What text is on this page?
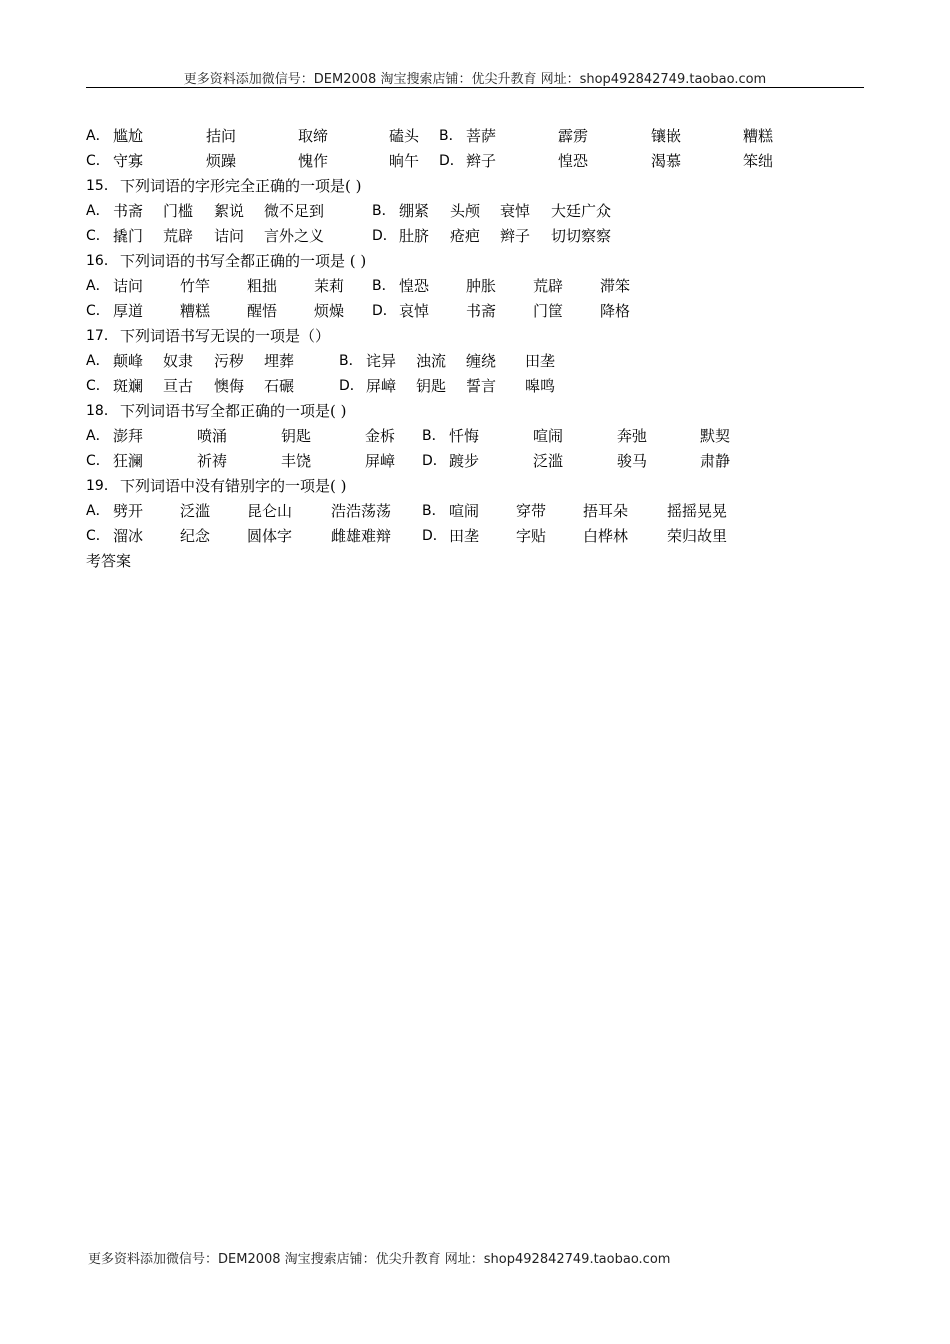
更多资料添加微信号：DEM2008 淘宝搜索店铺：优尖升教育 网址：shop492842749.taobao.com
A． 尴尬	拮问	取缔	磕头 B． 菩萨	霹雳	镶嵌	糟糕
C． 守寡	烦躁	愧作	晌午 D． 辫子	惶恐	渴慕	笨绌
15． 下列词语的字形完全正确的一项是( )
A． 书斋 门槛 絮说 微不足到	B． 绷紧 头颅 衰悼 大廷广众
C． 撬门 荒辟 诘问 言外之义	D． 肚脐 疮疤 辫子 切切察察
16． 下列词语的书写全都正确的一项是 ( )
A． 诘问 竹竿 粗拙 茉莉 B． 惶恐 肿胀 荒辟 滞笨
C． 厚道 糟糕 醒悟 烦燥 D． 哀悼 书斋 门筐 降格
17． 下列词语书写无误的一项是（）
A． 颠峰 奴隶 污秽 埋葬	B． 诧异 浊流 缠绕 田垄
C． 斑斓 亘古 懊侮 石碾	D． 屏嶂 钥匙 誓言 嗥鸣
18． 下列词语书写全都正确的一项是( )
A． 澎拜	喷涌	钥匙	金柝 B． 忏悔	喧闹	奔弛	默契
C． 狂澜	祈祷	丰饶	屏嶂 D． 踱步	泛滥	骏马	肃静
19． 下列词语中没有错别字的一项是( )
A． 劈开 泛滥 昆仑山	浩浩荡荡 B． 喧闹 穿带 捂耳朵	摇摇晃晃
C． 溜冰 纪念 圆体字	雌雄难辩 D． 田垄 字贴 白桦林	荣归故里
考答案
更多资料添加微信号：DEM2008 淘宝搜索店铺：优尖升教育 网址：shop492842749.taobao.com
